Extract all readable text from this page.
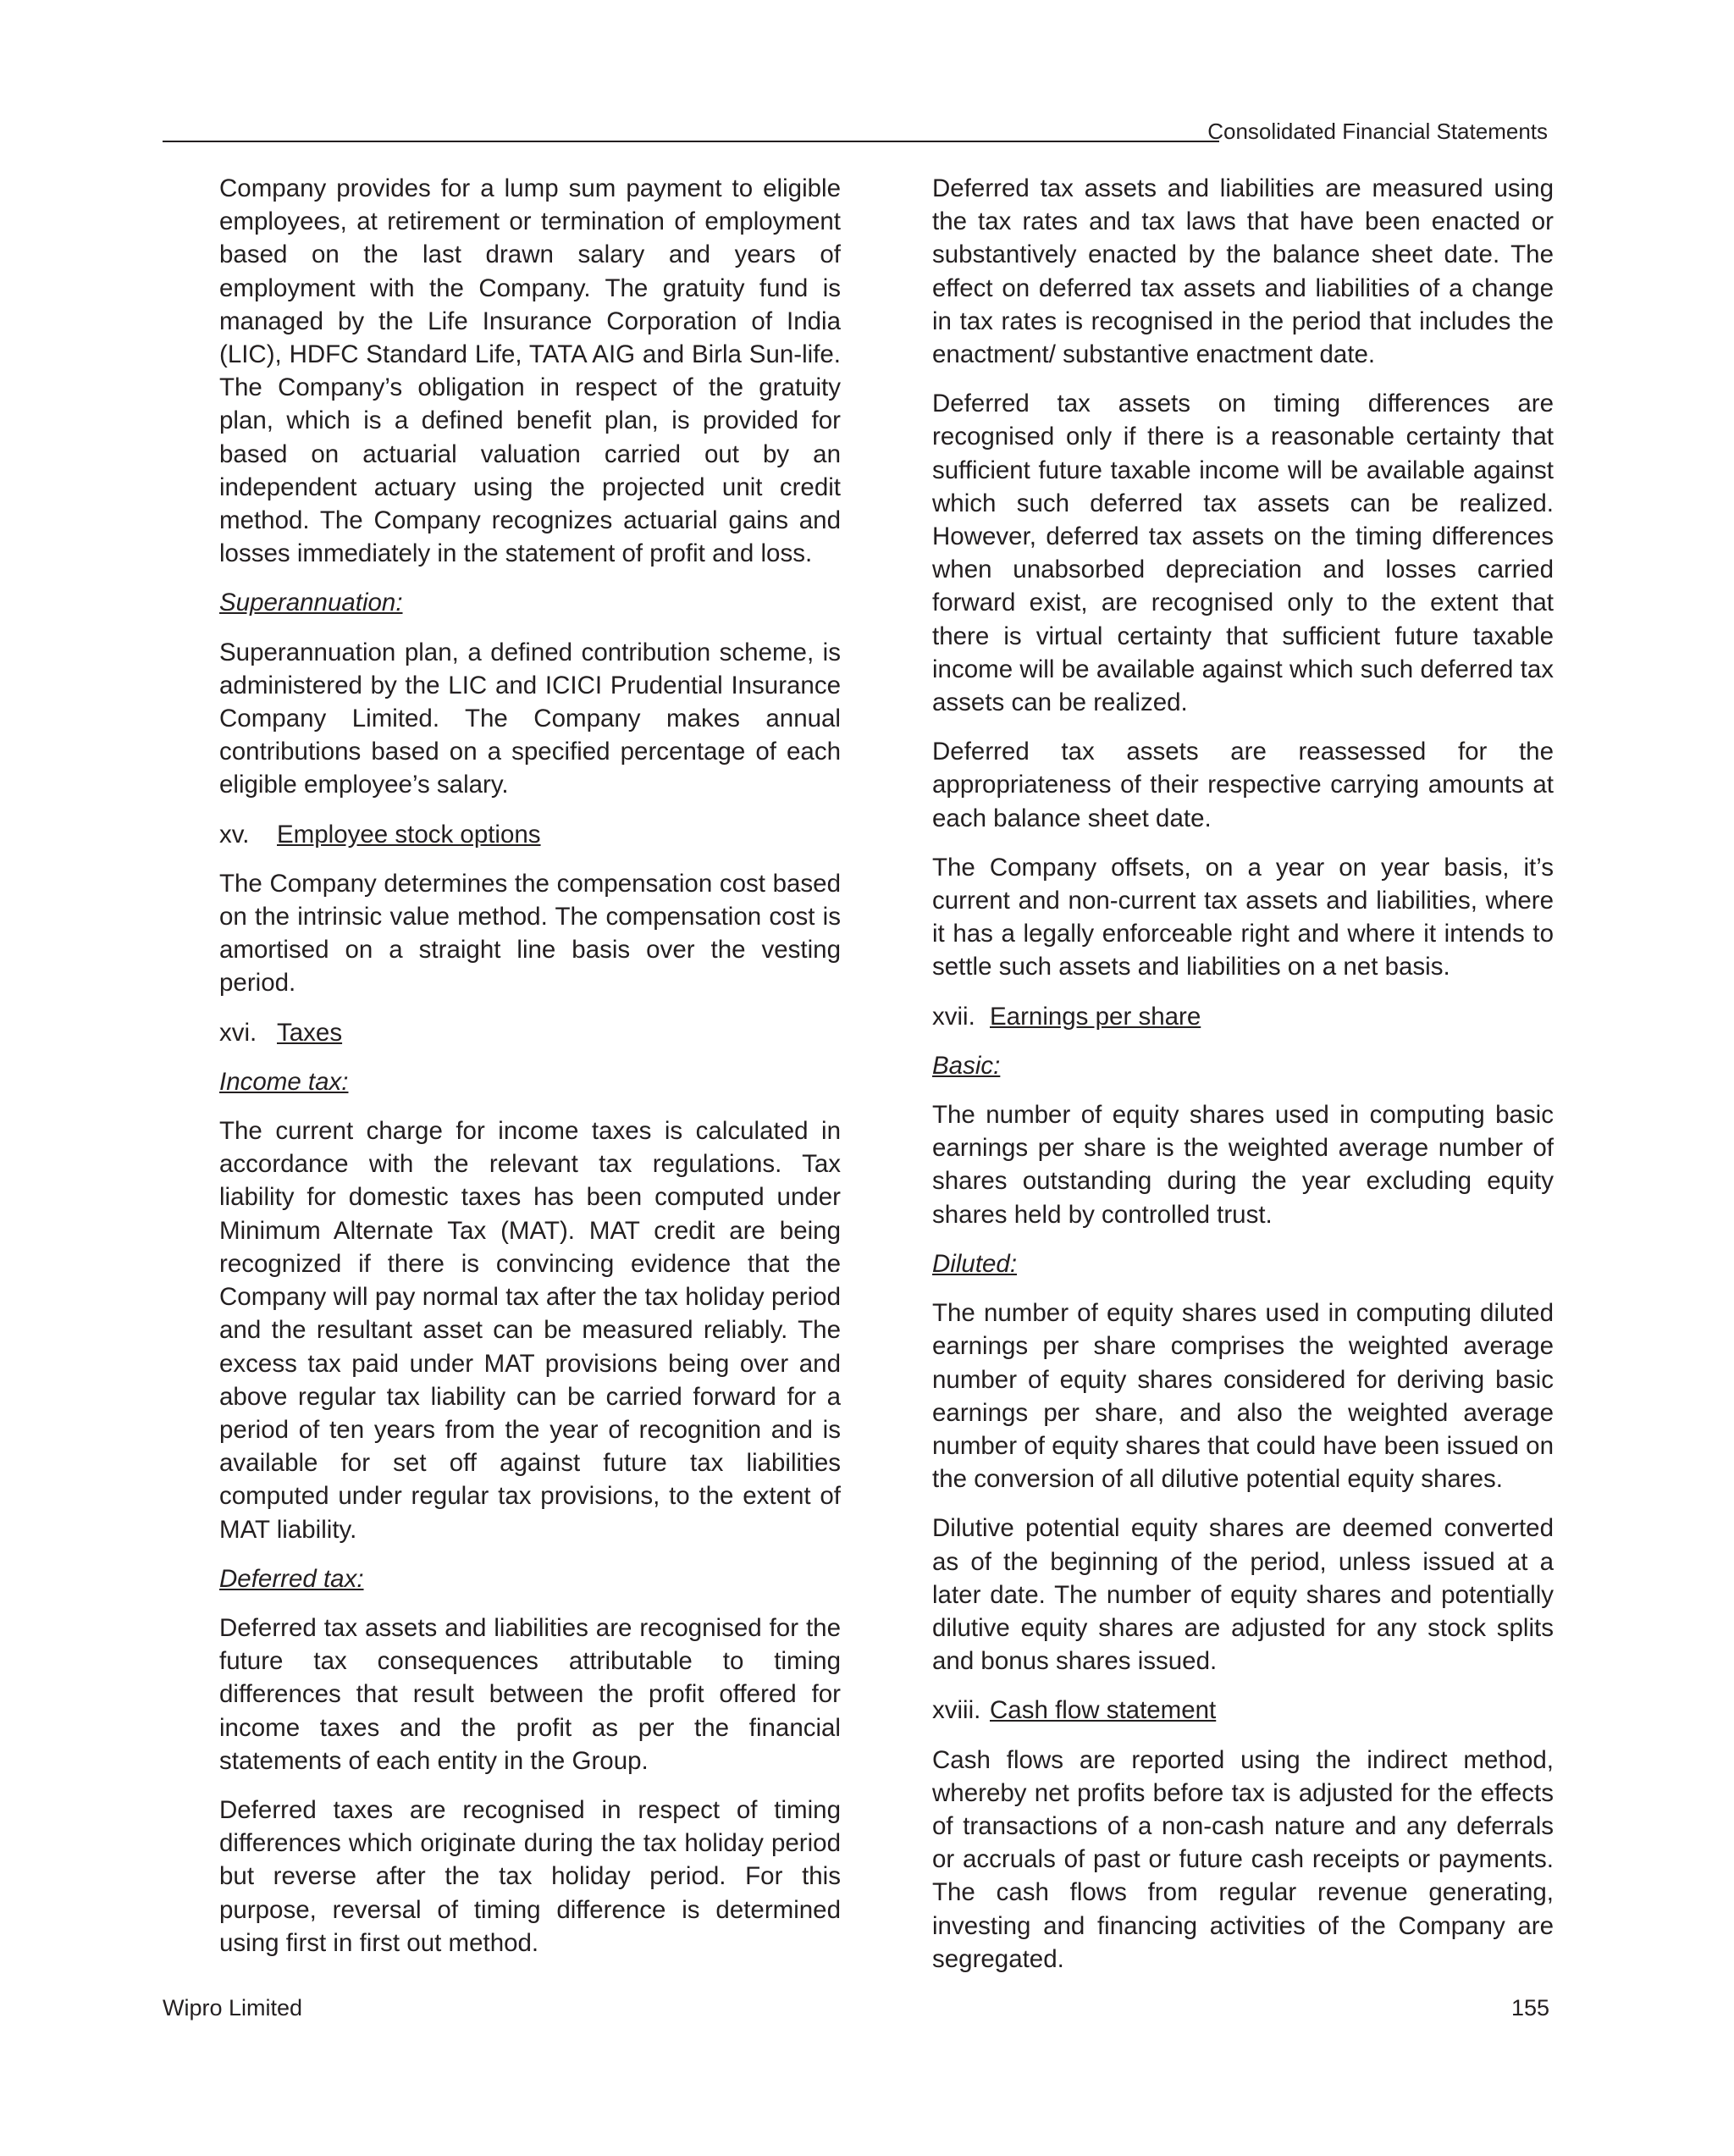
Consolidated Financial Statements

Company provides for a lump sum payment to eligible employees, at retirement or termination of employment based on the last drawn salary and years of employment with the Company. The gratuity fund is managed by the Life Insurance Corporation of India (LIC), HDFC Standard Life, TATA AIG and Birla Sun-life. The Company’s obligation in respect of the gratuity plan, which is a defined benefit plan, is provided for based on actuarial valuation carried out by an independent actuary using the projected unit credit method. The Company recognizes actuarial gains and losses immediately in the statement of profit and loss.

Superannuation:

Superannuation plan, a defined contribution scheme, is administered by the LIC and ICICI Prudential Insurance Company Limited. The Company makes annual contributions based on a specified percentage of each eligible employee’s salary.

xv. Employee stock options

The Company determines the compensation cost based on the intrinsic value method. The compensation cost is amortised on a straight line basis over the vesting period.

xvi. Taxes
Income tax:

The current charge for income taxes is calculated in accordance with the relevant tax regulations. Tax liability for domestic taxes has been computed under Minimum Alternate Tax (MAT). MAT credit are being recognized if there is convincing evidence that the Company will pay normal tax after the tax holiday period and the resultant asset can be measured reliably. The excess tax paid under MAT provisions being over and above regular tax liability can be carried forward for a period of ten years from the year of recognition and is available for set off against future tax liabilities computed under regular tax provisions, to the extent of MAT liability.

Deferred tax:

Deferred tax assets and liabilities are recognised for the future tax consequences attributable to timing differences that result between the profit offered for income taxes and the profit as per the financial statements of each entity in the Group.

Deferred taxes are recognised in respect of timing differences which originate during the tax holiday period but reverse after the tax holiday period. For this purpose, reversal of timing difference is determined using first in first out method.

Deferred tax assets and liabilities are measured using the tax rates and tax laws that have been enacted or substantively enacted by the balance sheet date. The effect on deferred tax assets and liabilities of a change in tax rates is recognised in the period that includes the enactment/ substantive enactment date.

Deferred tax assets on timing differences are recognised only if there is a reasonable certainty that sufficient future taxable income will be available against which such deferred tax assets can be realized. However, deferred tax assets on the timing differences when unabsorbed depreciation and losses carried forward exist, are recognised only to the extent that there is virtual certainty that sufficient future taxable income will be available against which such deferred tax assets can be realized.

Deferred tax assets are reassessed for the appropriateness of their respective carrying amounts at each balance sheet date.

The Company offsets, on a year on year basis, it’s current and non-current tax assets and liabilities, where it has a legally enforceable right and where it intends to settle such assets and liabilities on a net basis.

xvii. Earnings per share
Basic:

The number of equity shares used in computing basic earnings per share is the weighted average number of shares outstanding during the year excluding equity shares held by controlled trust.

Diluted:

The number of equity shares used in computing diluted earnings per share comprises the weighted average number of equity shares considered for deriving basic earnings per share, and also the weighted average number of equity shares that could have been issued on the conversion of all dilutive potential equity shares.

Dilutive potential equity shares are deemed converted as of the beginning of the period, unless issued at a later date. The number of equity shares and potentially dilutive equity shares are adjusted for any stock splits and bonus shares issued.

xviii. Cash flow statement

Cash flows are reported using the indirect method, whereby net profits before tax is adjusted for the effects of transactions of a non-cash nature and any deferrals or accruals of past or future cash receipts or payments. The cash flows from regular revenue generating, investing and financing activities of the Company are segregated.

Wipro Limited	155
